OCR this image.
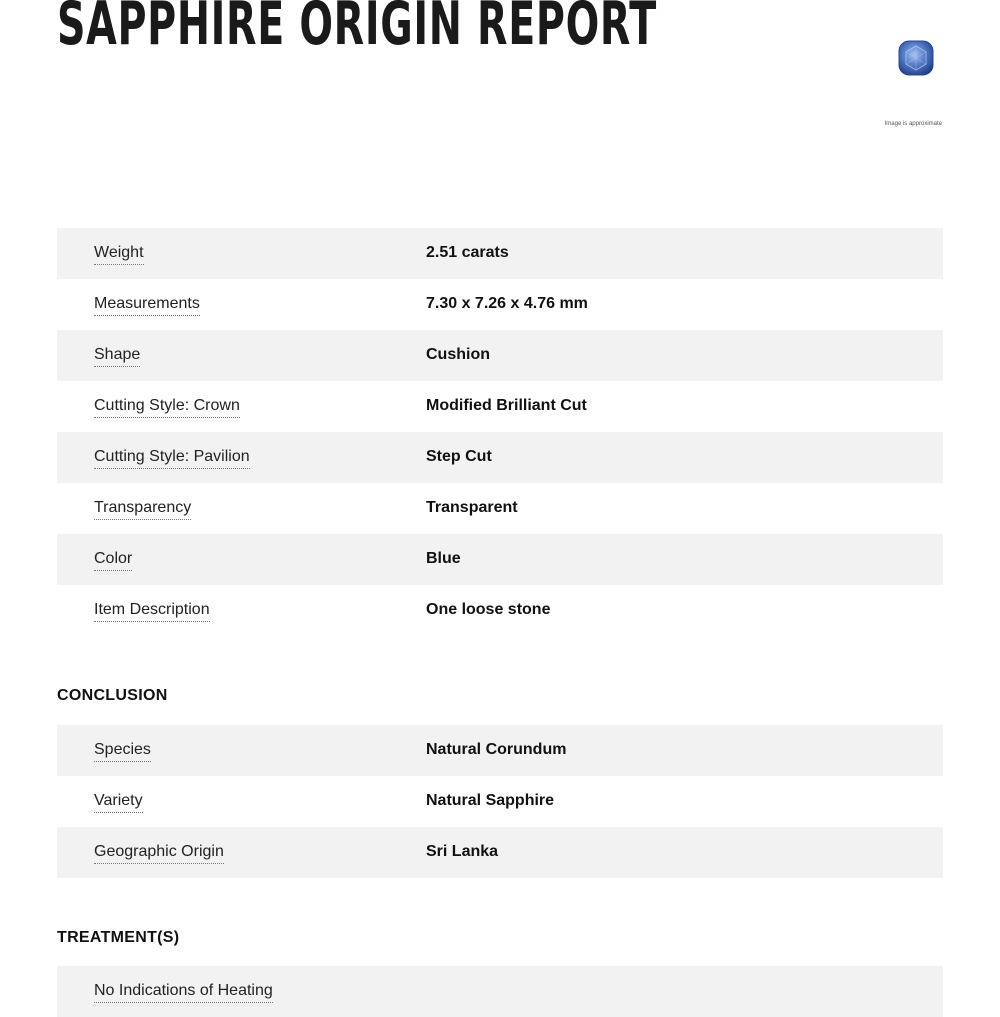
SAPPHIRE ORIGIN REPORT
Image is approximate
Weight	2.51 carats
Measurements	7.30 x 7.26 x 4.76 mm
Shape	Cushion
Cutting Style: Crown	Modified Brilliant Cut
Cutting Style: Pavilion	Step Cut
Transparency	Transparent
Color	Blue
Item Description	One loose stone
CONCLUSION
Species	Natural Corundum
Variety	Natural Sapphire
Geographic Origin	Sri Lanka
TREATMENT(S)
No Indications of Heating
